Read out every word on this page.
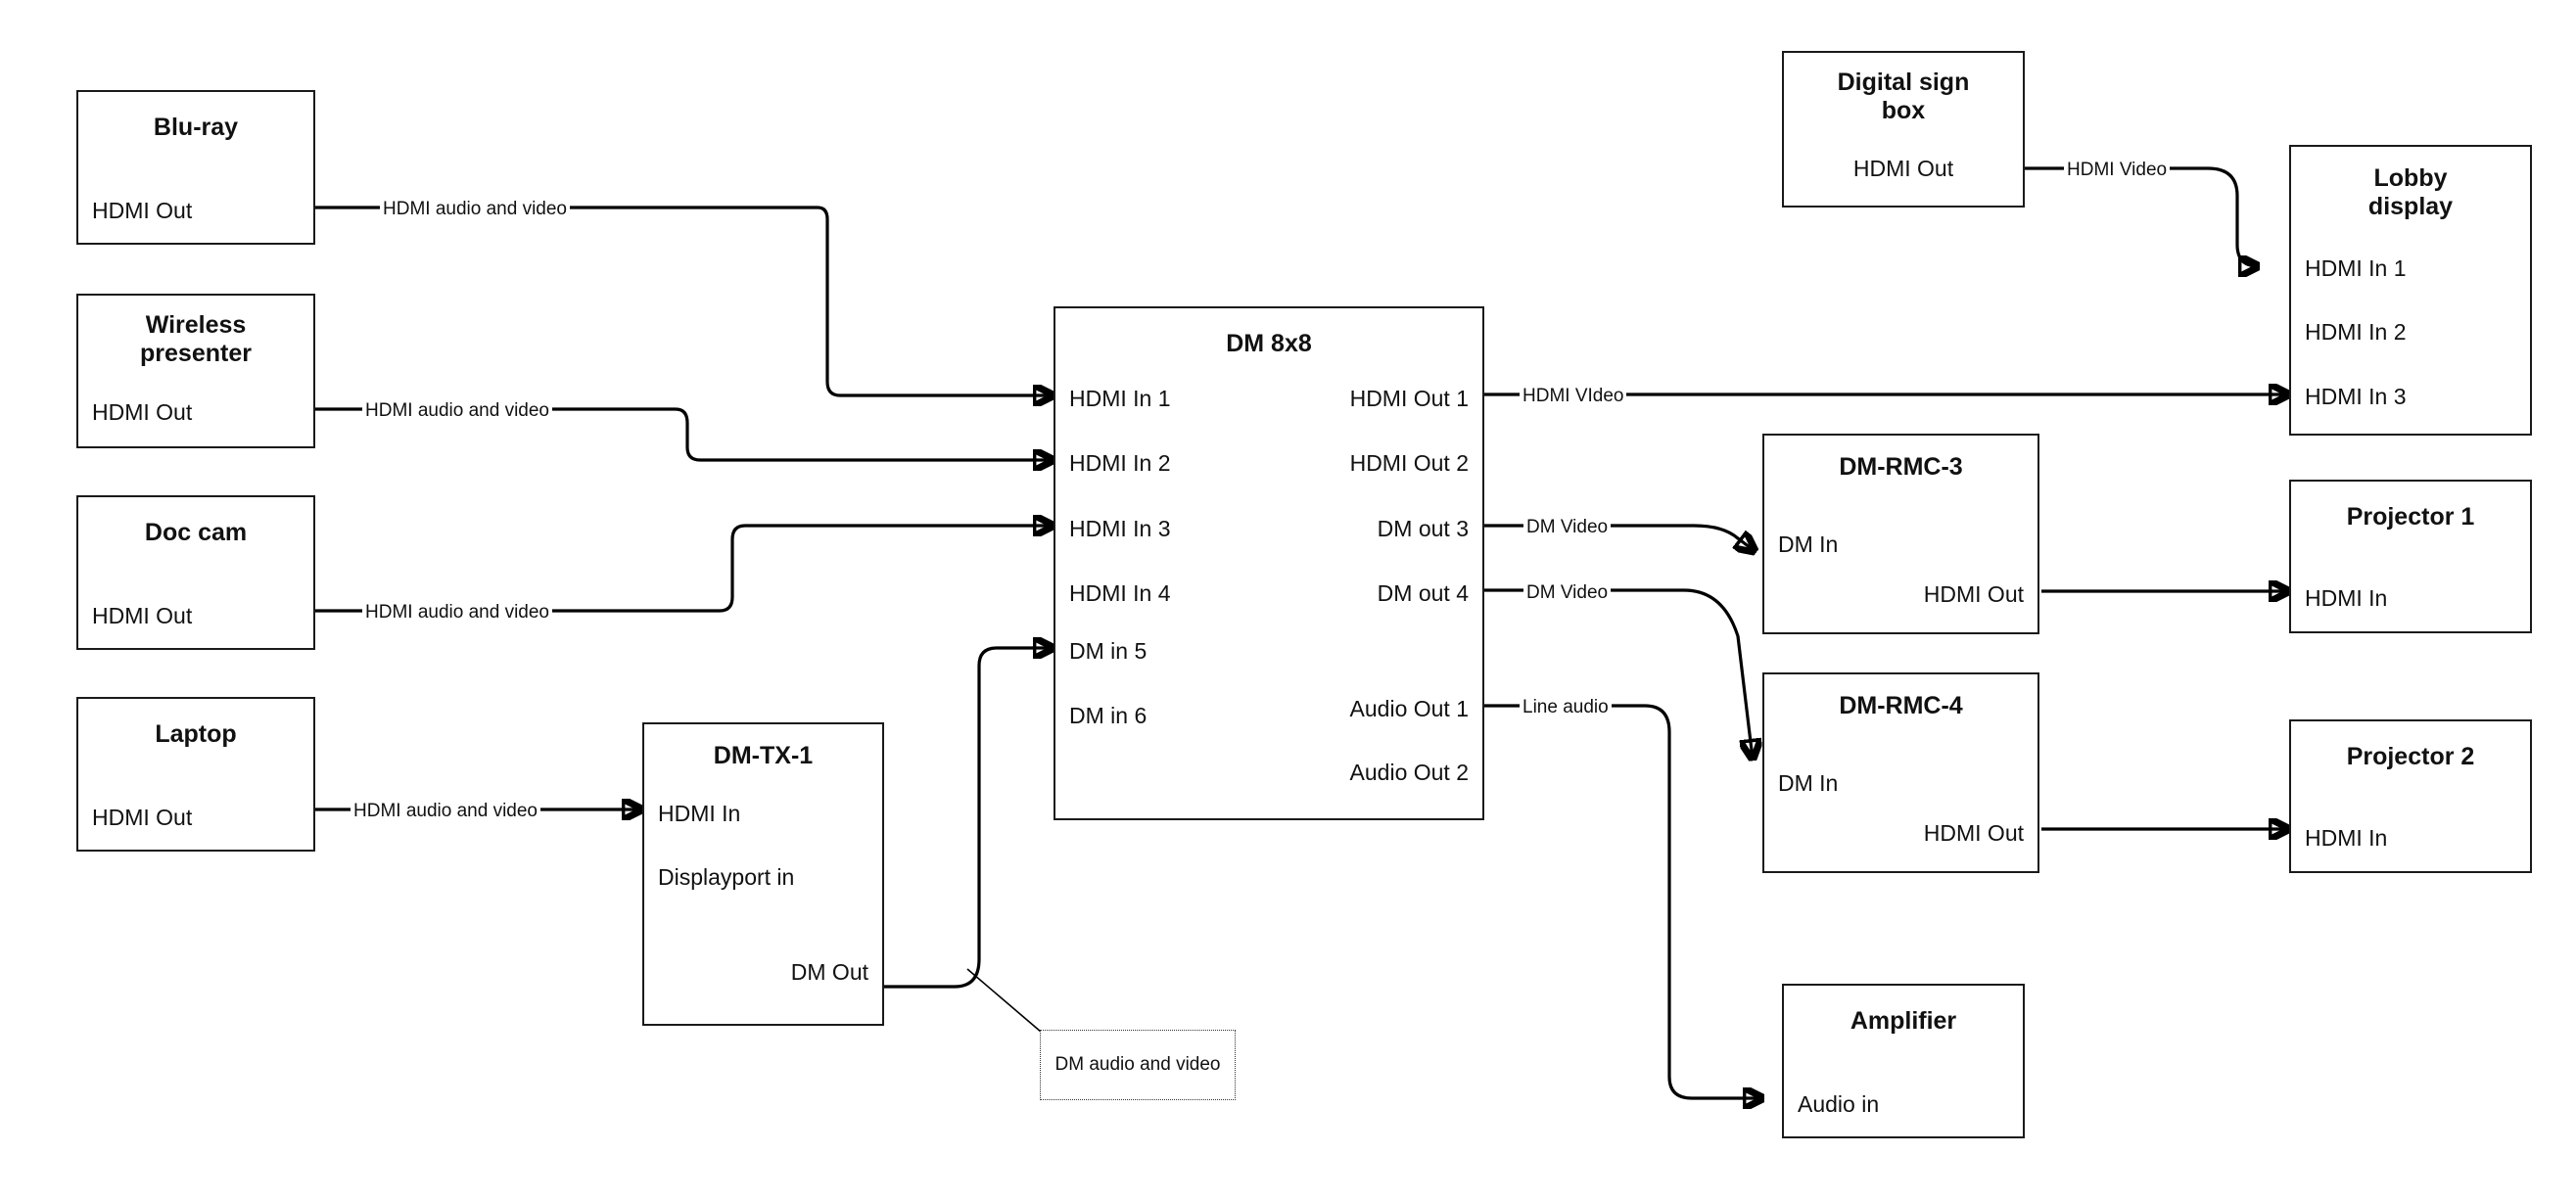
Blu-ray
HDMI Out
Wireless
presenter
HDMI Out
Doc cam
HDMI Out
Laptop
HDMI Out
DM-TX-1
HDMI In
Displayport in
DM Out
DM 8x8
HDMI In 1
HDMI In 2
HDMI In 3
HDMI In 4
DM in 5
DM in 6
HDMI Out 1
HDMI Out 2
DM out 3
DM out 4
Audio Out 1
Audio Out 2
Digital sign
box
HDMI Out	Lobby
display
HDMI In 1
HDMI In 2
HDMI In 3
DM-RMC-3
DM In
HDMI Out
DM-RMC-4
DM In
HDMI Out
Projector 1
HDMI In
Projector 2
HDMI In
Amplifier
Audio in
HDMI audio and video
HDMI audio and video
HDMI audio and video
HDMI audio and video
HDMI Video
HDMI VIdeo
DM Video
DM Video
Line audio
DM audio and video
